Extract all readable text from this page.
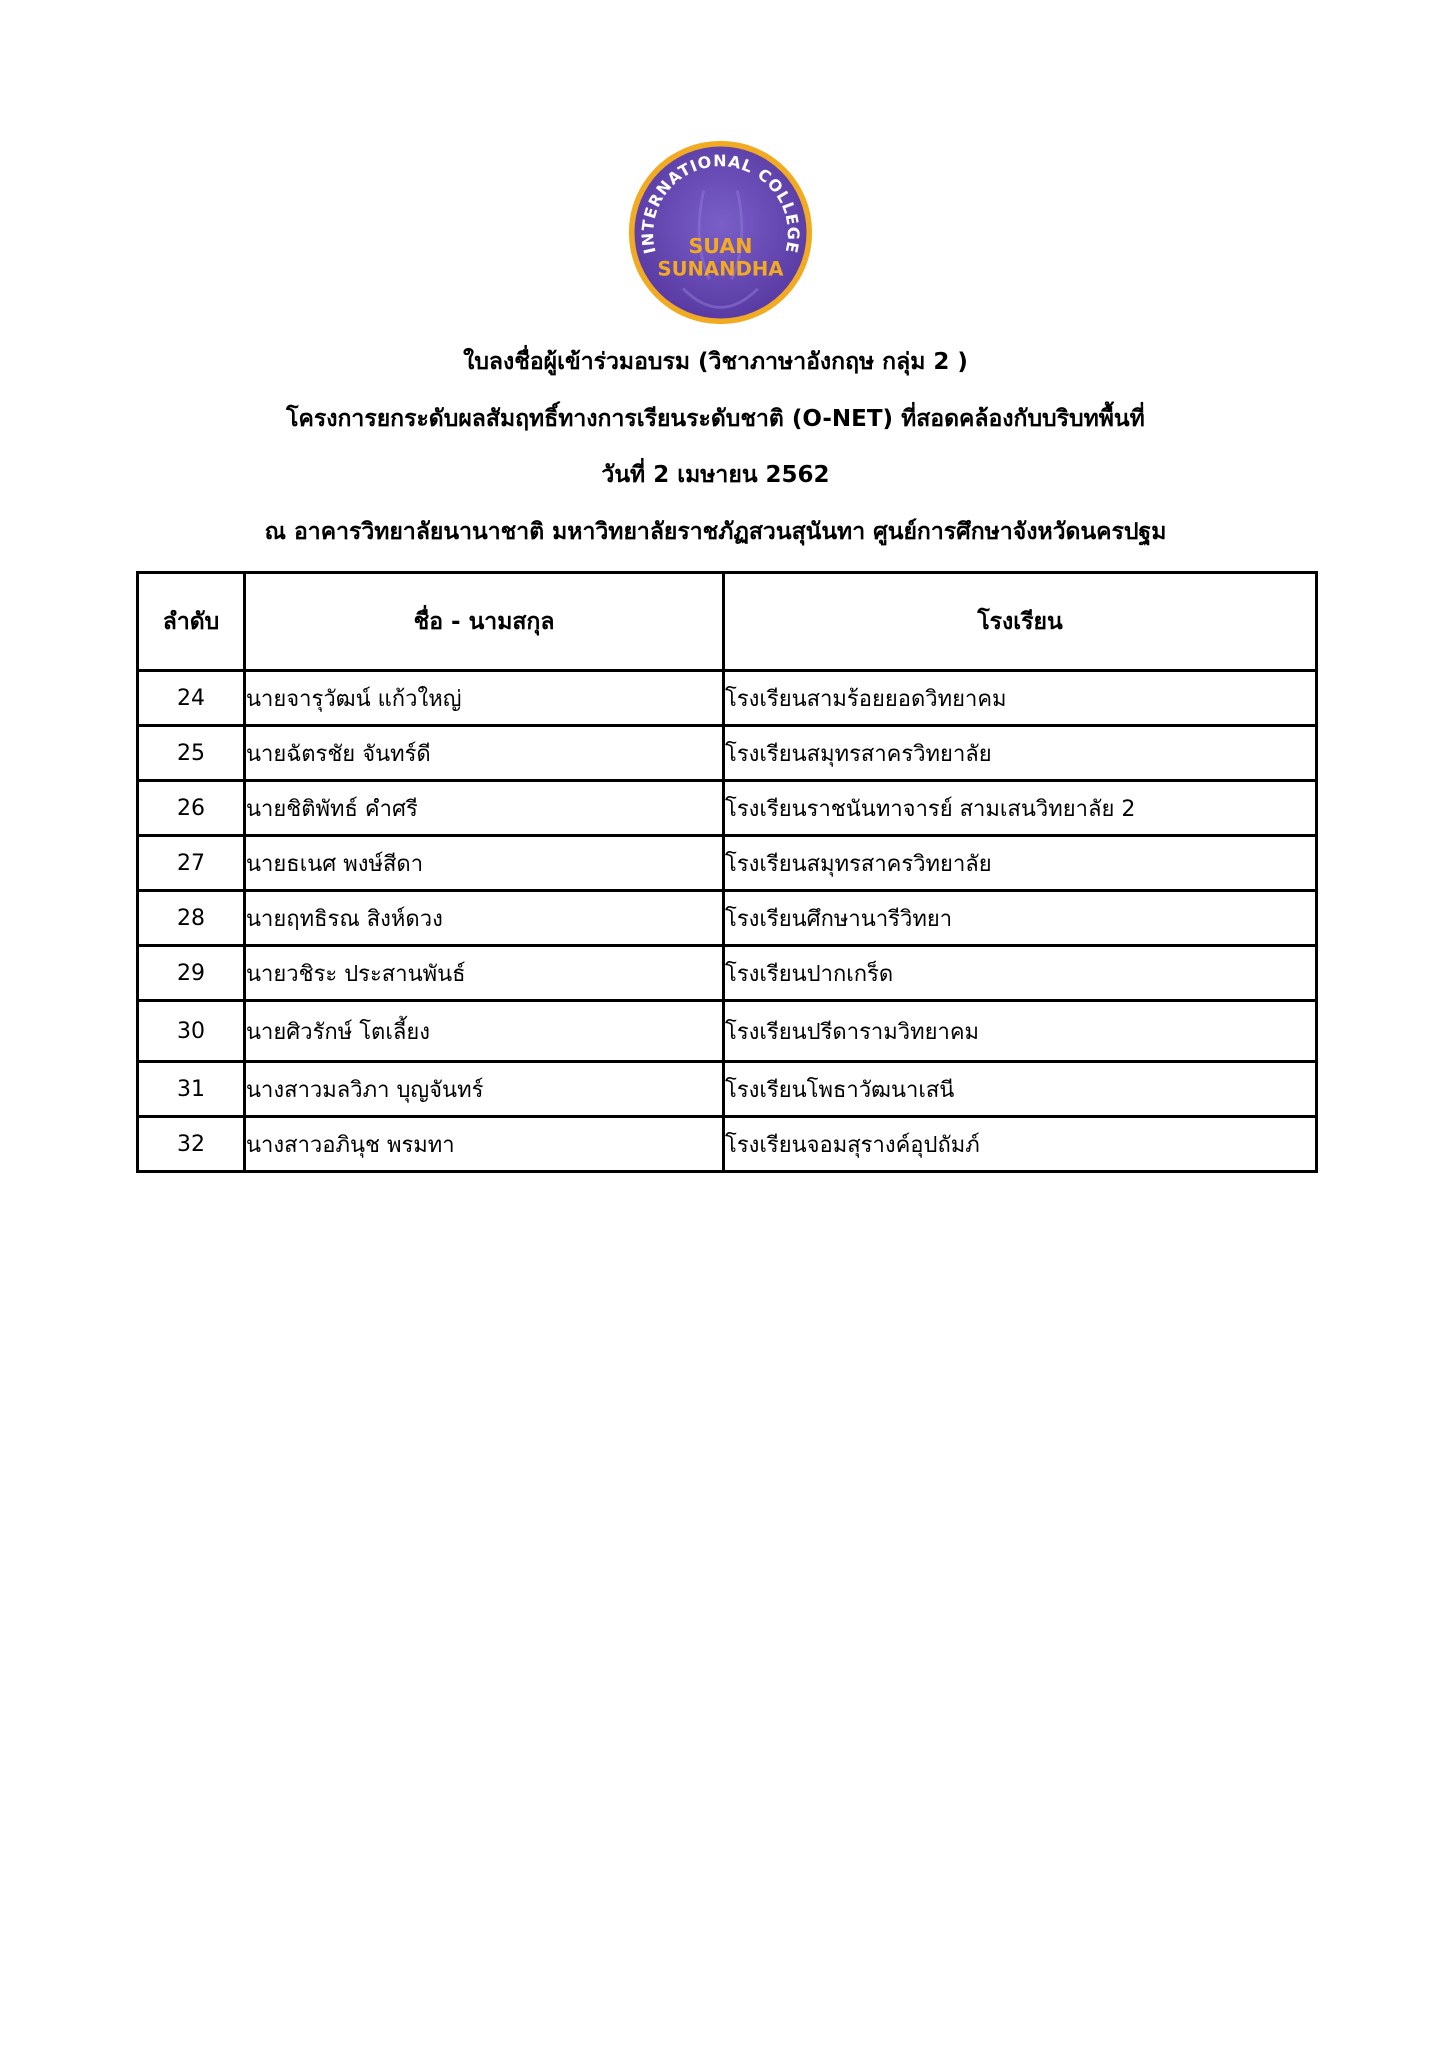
INTERNATIONAL COLLEGE
SUAN
SUNANDHA
ใบลงชื่อผู้เข้าร่วมอบรม (วิชาภาษาอังกฤษ กลุ่ม 2 )
โครงการยกระดับผลสัมฤทธิ์ทางการเรียนระดับชาติ (O-NET) ที่สอดคล้องกับบริบทพื้นที่
วันที่ 2 เมษายน 2562
ณ อาคารวิทยาลัยนานาชาติ มหาวิทยาลัยราชภัฏสวนสุนันทา ศูนย์การศึกษาจังหวัดนครปฐม
ลำดับ	ชื่อ - นามสกุล	โรงเรียน
24	นายจารุวัฒน์ แก้วใหญ่	โรงเรียนสามร้อยยอดวิทยาคม
25	นายฉัตรชัย จันทร์ดี	โรงเรียนสมุทรสาครวิทยาลัย
26	นายชิติพัทธ์ คำศรี	โรงเรียนราชนันทาจารย์ สามเสนวิทยาลัย 2
27	นายธเนศ พงษ์สีดา	โรงเรียนสมุทรสาครวิทยาลัย
28	นายฤทธิรณ สิงห์ดวง	โรงเรียนศึกษานารีวิทยา
29	นายวชิระ ประสานพันธ์	โรงเรียนปากเกร็ด
30	นายศิวรักษ์ โตเลี้ยง	โรงเรียนปรีดารามวิทยาคม
31	นางสาวมลวิภา บุญจันทร์	โรงเรียนโพธาวัฒนาเสนี
32	นางสาวอภินุช พรมทา	โรงเรียนจอมสุรางค์อุปถัมภ์
